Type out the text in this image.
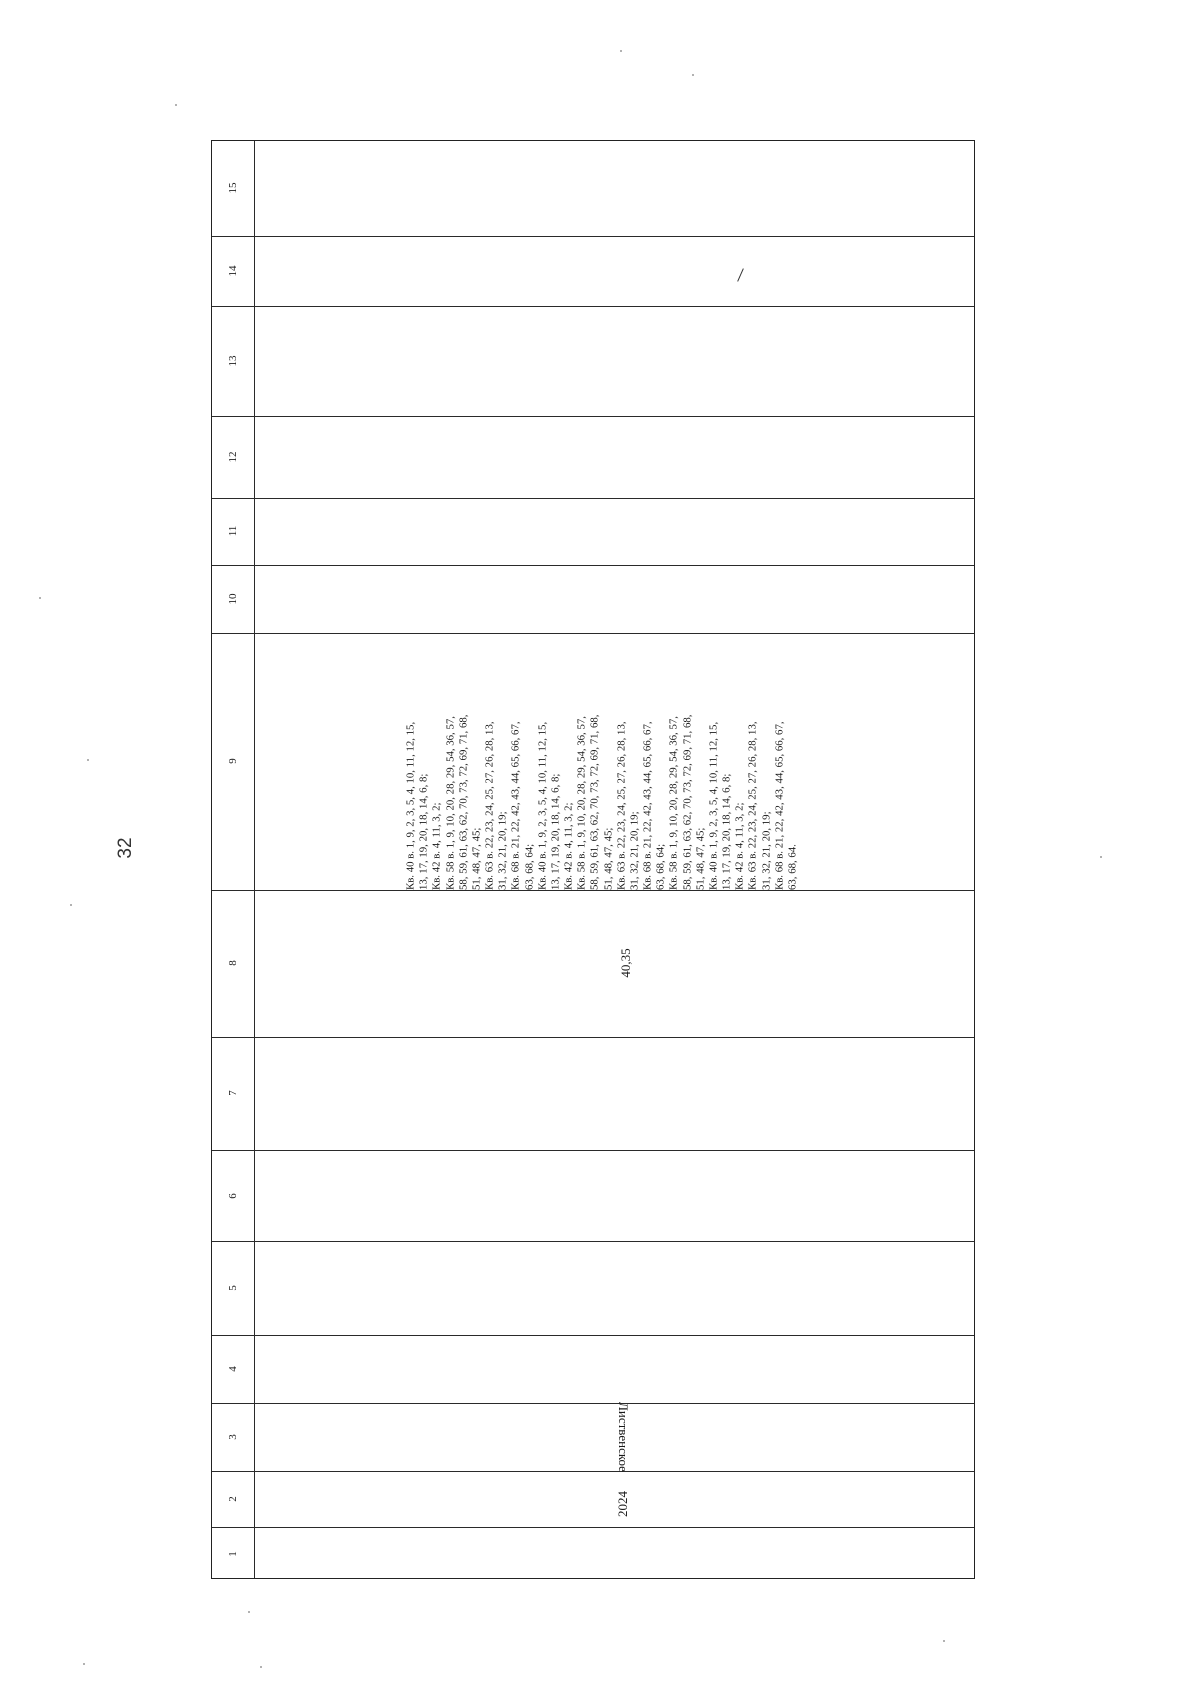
32
15
14
13
12
11
10
9
8
7
6
5
4
3
2
1
Кв. 40 в. 1, 9, 2, 3, 5, 4, 10, 11, 12, 15, 13, 17, 19, 20, 18, 14, 6, 8; Кв. 42 в. 4, 11, 3, 2; Кв. 58 в. 1, 9, 10, 20, 28, 29, 54, 36, 57, 58, 59, 61, 63, 62, 70, 73, 72, 69, 71, 68, 51, 48, 47, 45; Кв. 63 в. 22, 23, 24, 25, 27, 26, 28, 13, 31, 32, 21, 20, 19; Кв. 68 в. 21, 22, 42, 43, 44, 65, 66, 67, 63, 68, 64; Кв. 40 в. 1, 9, 2, 3, 5, 4, 10, 11, 12, 15, 13, 17, 19, 20, 18, 14, 6, 8; Кв. 42 в. 4, 11, 3, 2; Кв. 58 в. 1, 9, 10, 20, 28, 29, 54, 36, 57, 58, 59, 61, 63, 62, 70, 73, 72, 69, 71, 68, 51, 48, 47, 45; Кв. 63 в. 22, 23, 24, 25, 27, 26, 28, 13, 31, 32, 21, 20, 19; Кв. 68 в. 21, 22, 42, 43, 44, 65, 66, 67, 63, 68, 64; Кв. 58 в. 1, 9, 10, 20, 28, 29, 54, 36, 57, 58, 59, 61, 63, 62, 70, 73, 72, 69, 71, 68, 51, 48, 47, 45; Кв. 40 в. 1, 9, 2, 3, 5, 4, 10, 11, 12, 15, 13, 17, 19, 20, 18, 14, 6, 8; Кв. 42 в. 4, 11, 3, 2; Кв. 63 в. 22, 23, 24, 25, 27, 26, 28, 13, 31, 32, 21, 20, 19; Кв. 68 в. 21, 22, 42, 43, 44, 65, 66, 67, 63, 68, 64.
40,35
Лиственское
2024
